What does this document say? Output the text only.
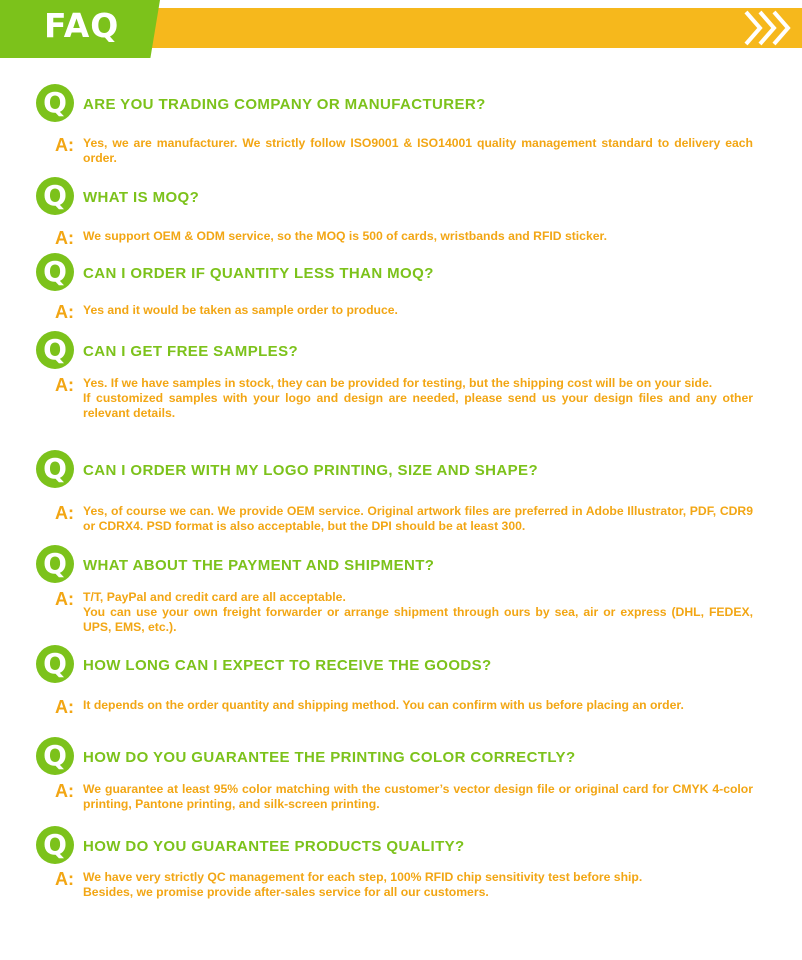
FAQ
Q	ARE YOU TRADING COMPANY OR MANUFACTURER?
A: Yes, we are manufacturer. We strictly follow ISO9001 & ISO14001 quality management standard to delivery each order.
Q	WHAT IS MOQ?
A: We support OEM & ODM service, so the MOQ is 500 of cards, wristbands and RFID sticker.
Q	CAN I ORDER IF QUANTITY LESS THAN MOQ?
A: Yes and it would be taken as sample order to produce.
Q	CAN I GET FREE SAMPLES?
A: Yes. If we have samples in stock, they can be provided for testing, but the shipping cost will be on your side.
If customized samples with your logo and design are needed, please send us your design files and any other relevant details.
Q	CAN I ORDER WITH MY LOGO PRINTING, SIZE AND SHAPE?
A: Yes, of course we can. We provide OEM service. Original artwork files are preferred in Adobe Illustrator, PDF, CDR9 or CDRX4. PSD format is also acceptable, but the DPI should be at least 300.
Q	WHAT ABOUT THE PAYMENT AND SHIPMENT?
A: T/T, PayPal and credit card are all acceptable.
You can use your own freight forwarder or arrange shipment through ours by sea, air or express (DHL, FEDEX, UPS, EMS, etc.).
Q	HOW LONG CAN I EXPECT TO RECEIVE THE GOODS?
A: It depends on the order quantity and shipping method. You can confirm with us before placing an order.
Q	HOW DO YOU GUARANTEE THE PRINTING COLOR CORRECTLY?
A: We guarantee at least 95% color matching with the customer’s vector design file or original card for CMYK 4-color printing, Pantone printing, and silk-screen printing.
Q	HOW DO YOU GUARANTEE PRODUCTS QUALITY?
A: We have very strictly QC management for each step, 100% RFID chip sensitivity test before ship.
Besides, we promise provide after-sales service for all our customers.
